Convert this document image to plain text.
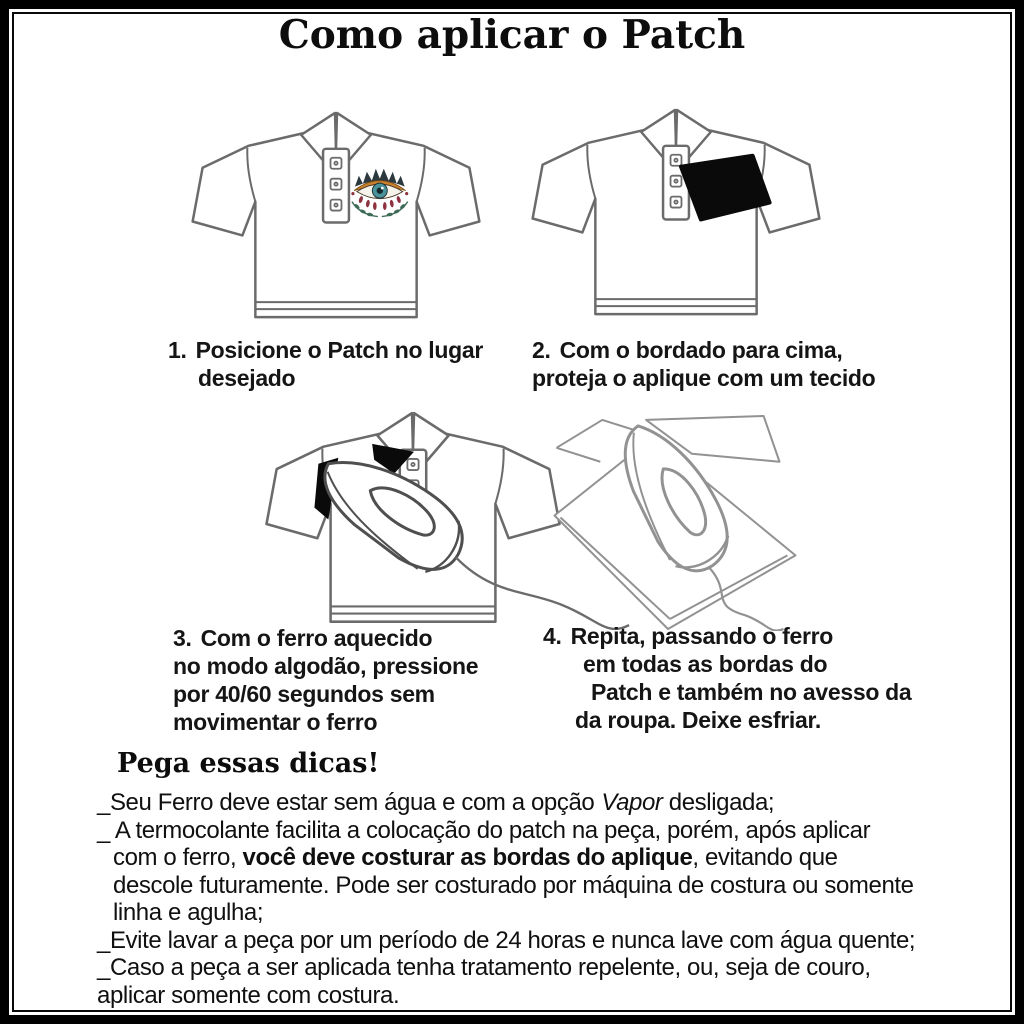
Como aplicar o Patch
1. Posicione o Patch no lugar
desejado
2. Com o bordado para cima,
proteja o aplique com um tecido
3. Com o ferro aquecido
no modo algodão, pressione
por 40/60 segundos sem
movimentar o ferro
4. Repita, passando o ferro
em todas as bordas do
Patch e também no avesso da
da roupa. Deixe esfriar.
Pega essas dicas!
_Seu Ferro deve estar sem água e com a opção Vapor desligada;
_ A termocolante facilita a colocação do patch na peça, porém, após aplicar
com o ferro, você deve costurar as bordas do aplique, evitando que
descole futuramente. Pode ser costurado por máquina de costura ou somente
linha e agulha;
_Evite lavar a peça por um período de 24 horas e nunca lave com água quente;
_Caso a peça a ser aplicada tenha tratamento repelente, ou, seja de couro,
aplicar somente com costura.
